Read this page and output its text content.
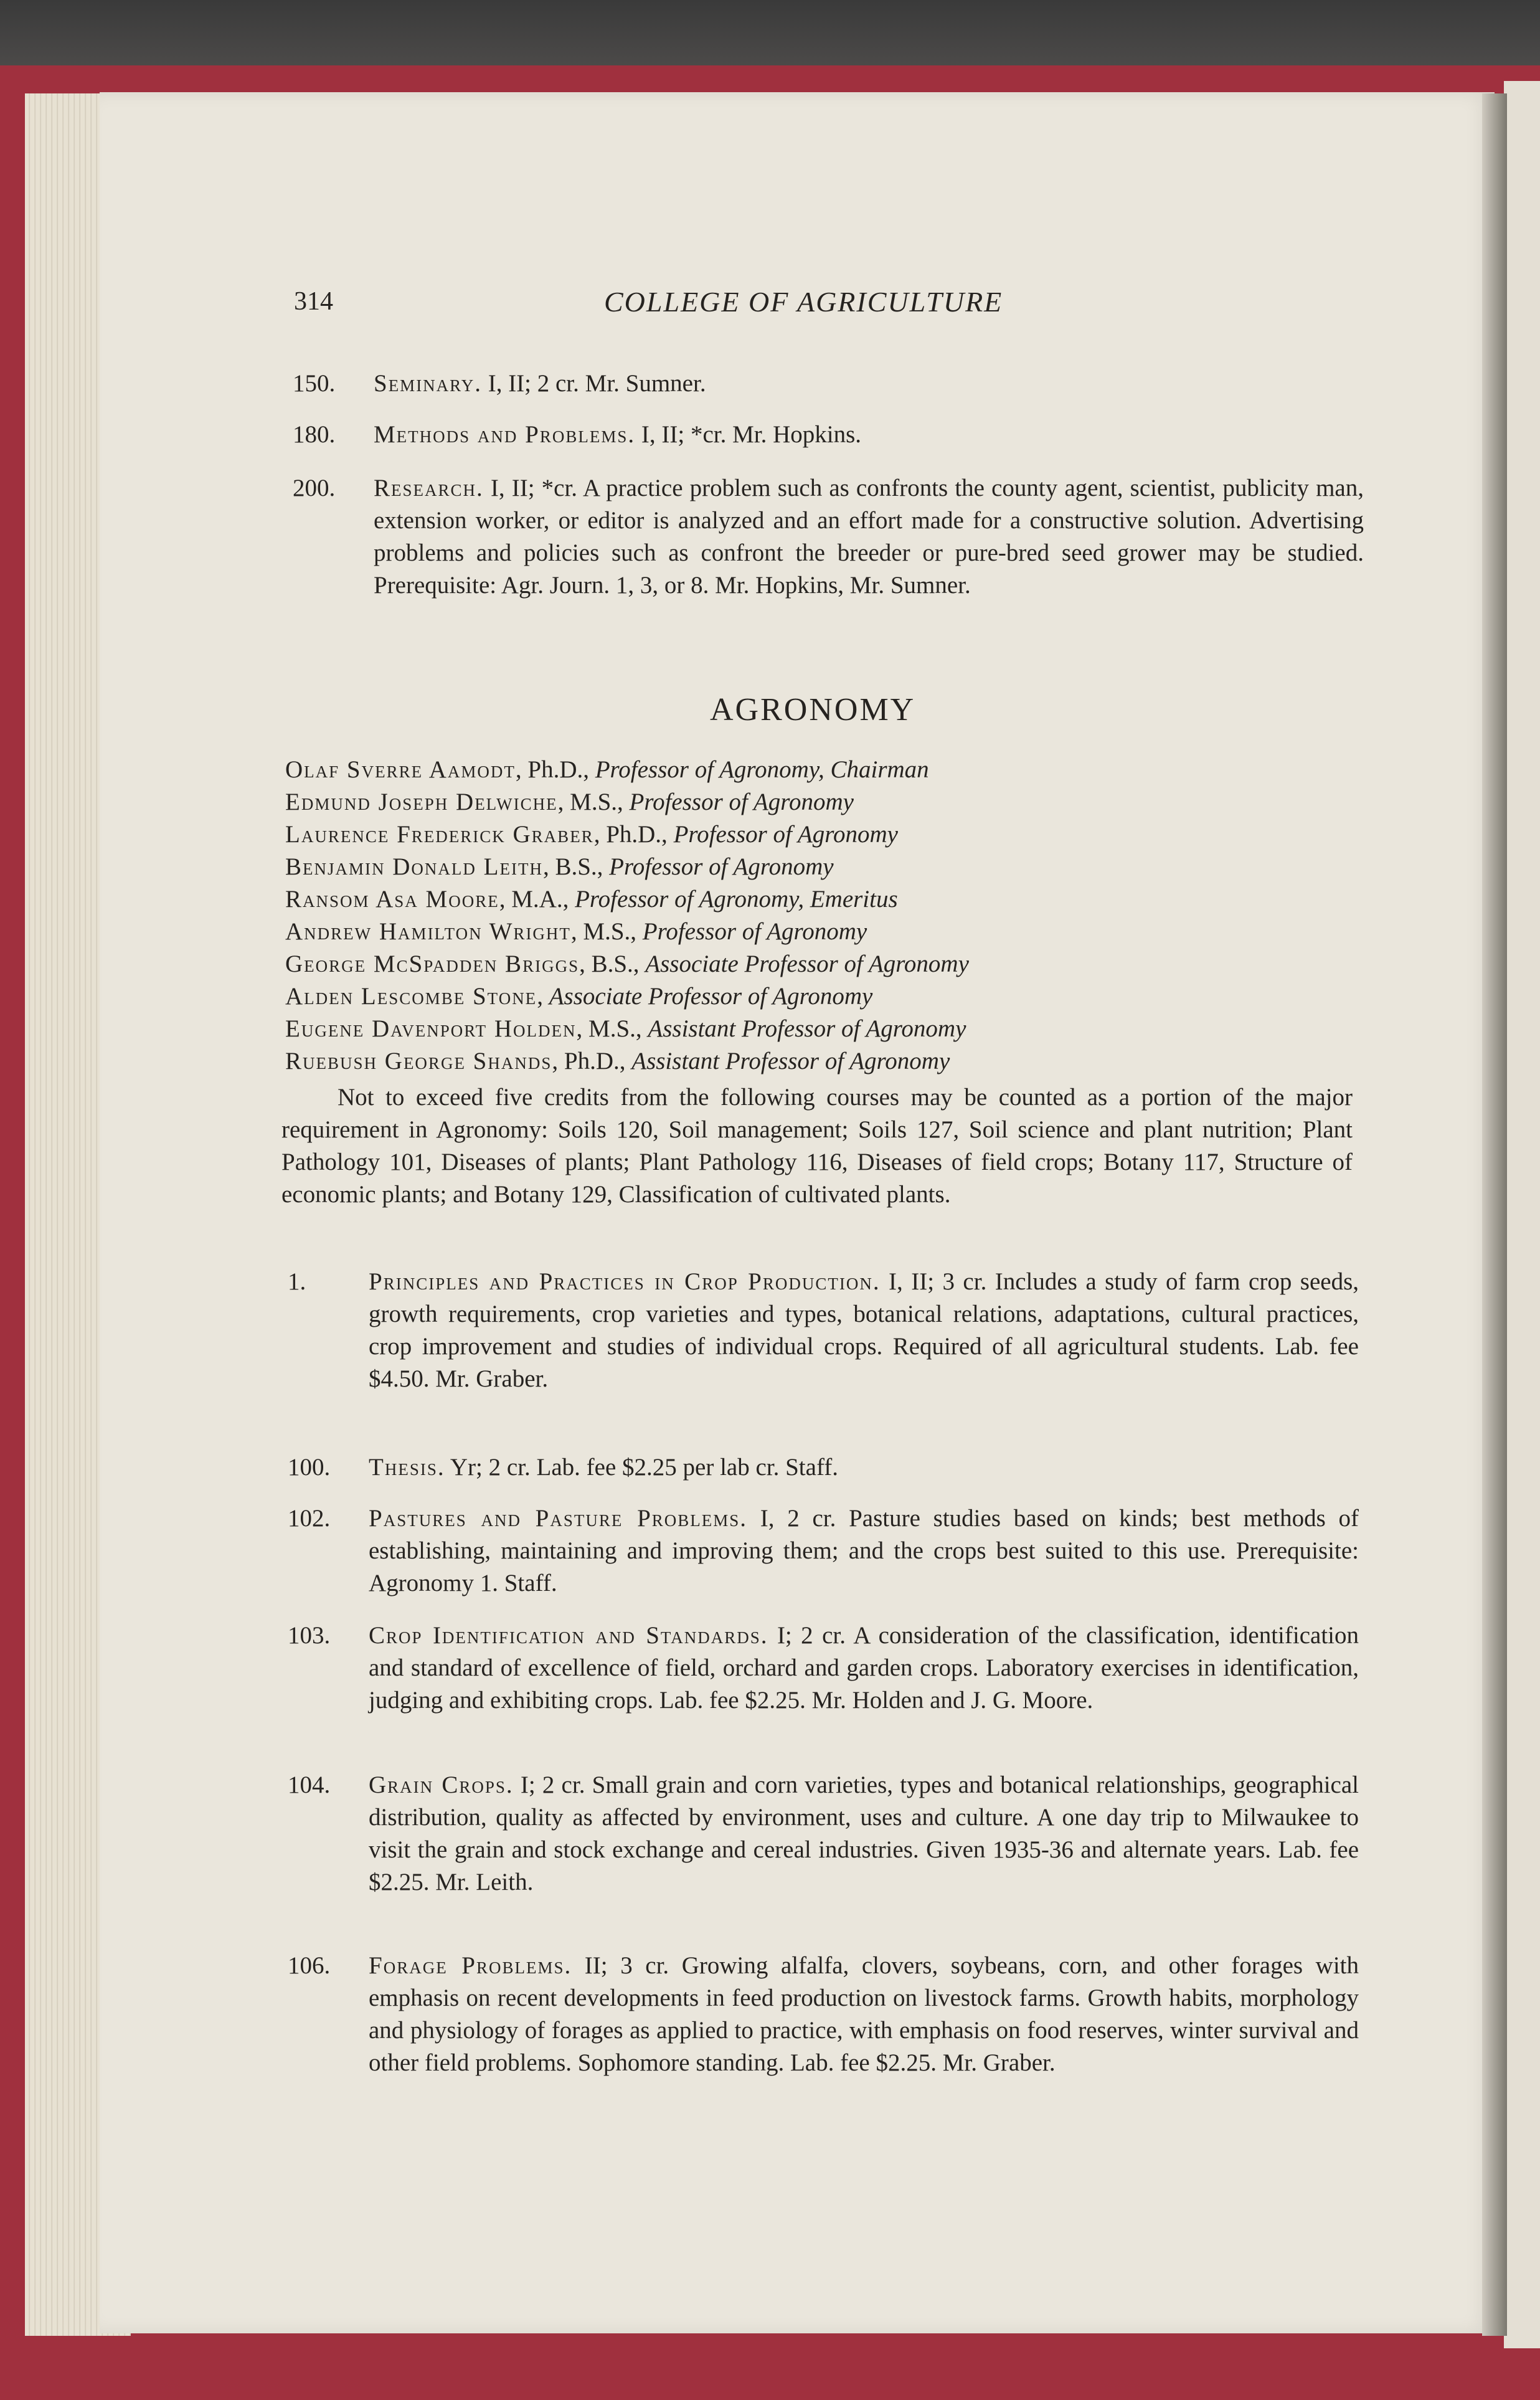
314	COLLEGE OF AGRICULTURE
150.	Seminary. I, II; 2 cr. Mr. Sumner.
180.	Methods and Problems. I, II; *cr. Mr. Hopkins.
200.	Research. I, II; *cr. A practice problem such as confronts the county agent, scientist, publicity man, extension worker, or editor is analyzed and an effort made for a constructive solution. Advertising problems and policies such as confront the breeder or pure-bred seed grower may be studied. Prerequisite: Agr. Journ. 1, 3, or 8. Mr. Hopkins, Mr. Sumner.
AGRONOMY
Olaf Sverre Aamodt, Ph.D., Professor of Agronomy, Chairman
Edmund Joseph Delwiche, M.S., Professor of Agronomy
Laurence Frederick Graber, Ph.D., Professor of Agronomy
Benjamin Donald Leith, B.S., Professor of Agronomy
Ransom Asa Moore, M.A., Professor of Agronomy, Emeritus
Andrew Hamilton Wright, M.S., Professor of Agronomy
George McSpadden Briggs, B.S., Associate Professor of Agronomy
Alden Lescombe Stone, Associate Professor of Agronomy
Eugene Davenport Holden, M.S., Assistant Professor of Agronomy
Ruebush George Shands, Ph.D., Assistant Professor of Agronomy
Not to exceed five credits from the following courses may be counted as a portion of the major requirement in Agronomy: Soils 120, Soil management; Soils 127, Soil science and plant nutrition; Plant Pathology 101, Diseases of plants; Plant Pathology 116, Diseases of field crops; Botany 117, Structure of economic plants; and Botany 129, Classification of cultivated plants.
1.	Principles and Practices in Crop Production. I, II; 3 cr. Includes a study of farm crop seeds, growth requirements, crop varieties and types, botanical relations, adaptations, cultural practices, crop improvement and studies of individual crops. Required of all agricultural students. Lab. fee $4.50. Mr. Graber.
100.	Thesis. Yr; 2 cr. Lab. fee $2.25 per lab cr. Staff.
102.	Pastures and Pasture Problems. I, 2 cr. Pasture studies based on kinds; best methods of establishing, maintaining and improving them; and the crops best suited to this use. Prerequisite: Agronomy 1. Staff.
103.	Crop Identification and Standards. I; 2 cr. A consideration of the classification, identification and standard of excellence of field, orchard and garden crops. Laboratory exercises in identification, judging and exhibiting crops. Lab. fee $2.25. Mr. Holden and J. G. Moore.
104.	Grain Crops. I; 2 cr. Small grain and corn varieties, types and botanical relationships, geographical distribution, quality as affected by environment, uses and culture. A one day trip to Milwaukee to visit the grain and stock exchange and cereal industries. Given 1935-36 and alternate years. Lab. fee $2.25. Mr. Leith.
106.	Forage Problems. II; 3 cr. Growing alfalfa, clovers, soybeans, corn, and other forages with emphasis on recent developments in feed production on livestock farms. Growth habits, morphology and physiology of forages as applied to practice, with emphasis on food reserves, winter survival and other field problems. Sophomore standing. Lab. fee $2.25. Mr. Graber.
